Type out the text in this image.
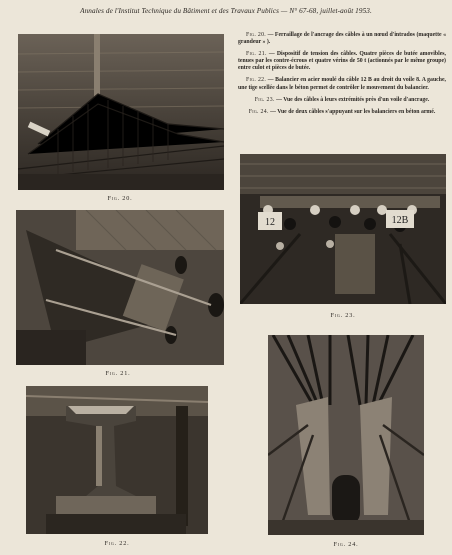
Annales de l'Institut Technique du Bâtiment et des Travaux Publics — N° 67-68, juillet-août 1953.
Fig. 20.
Fig. 21.
Fig. 22.

Fig. 20. — Ferraillage de l'ancrage des câbles à un nœud d'intrados (maquette « grandeur » ).

Fig. 21. — Dispositif de tension des câbles. Quatre pièces de butée amovibles, tenues par les contre-écrous et quatre vérins de 50 t (actionnés par le même groupe) entre culot et pièces de butée.

Fig. 22. — Balancier en acier moulé du câble 12 B au droit du voile 8. A gauche, une tige scellée dans le béton permet de contrôler le mouvement du balancier.

Fig. 23. — Vue des câbles à leurs extrémités près d'un voile d'ancrage.

Fig. 24. — Vue de deux câbles s'appuyant sur les balanciers en béton armé.

12	12B
Fig. 23.
Fig. 24.
